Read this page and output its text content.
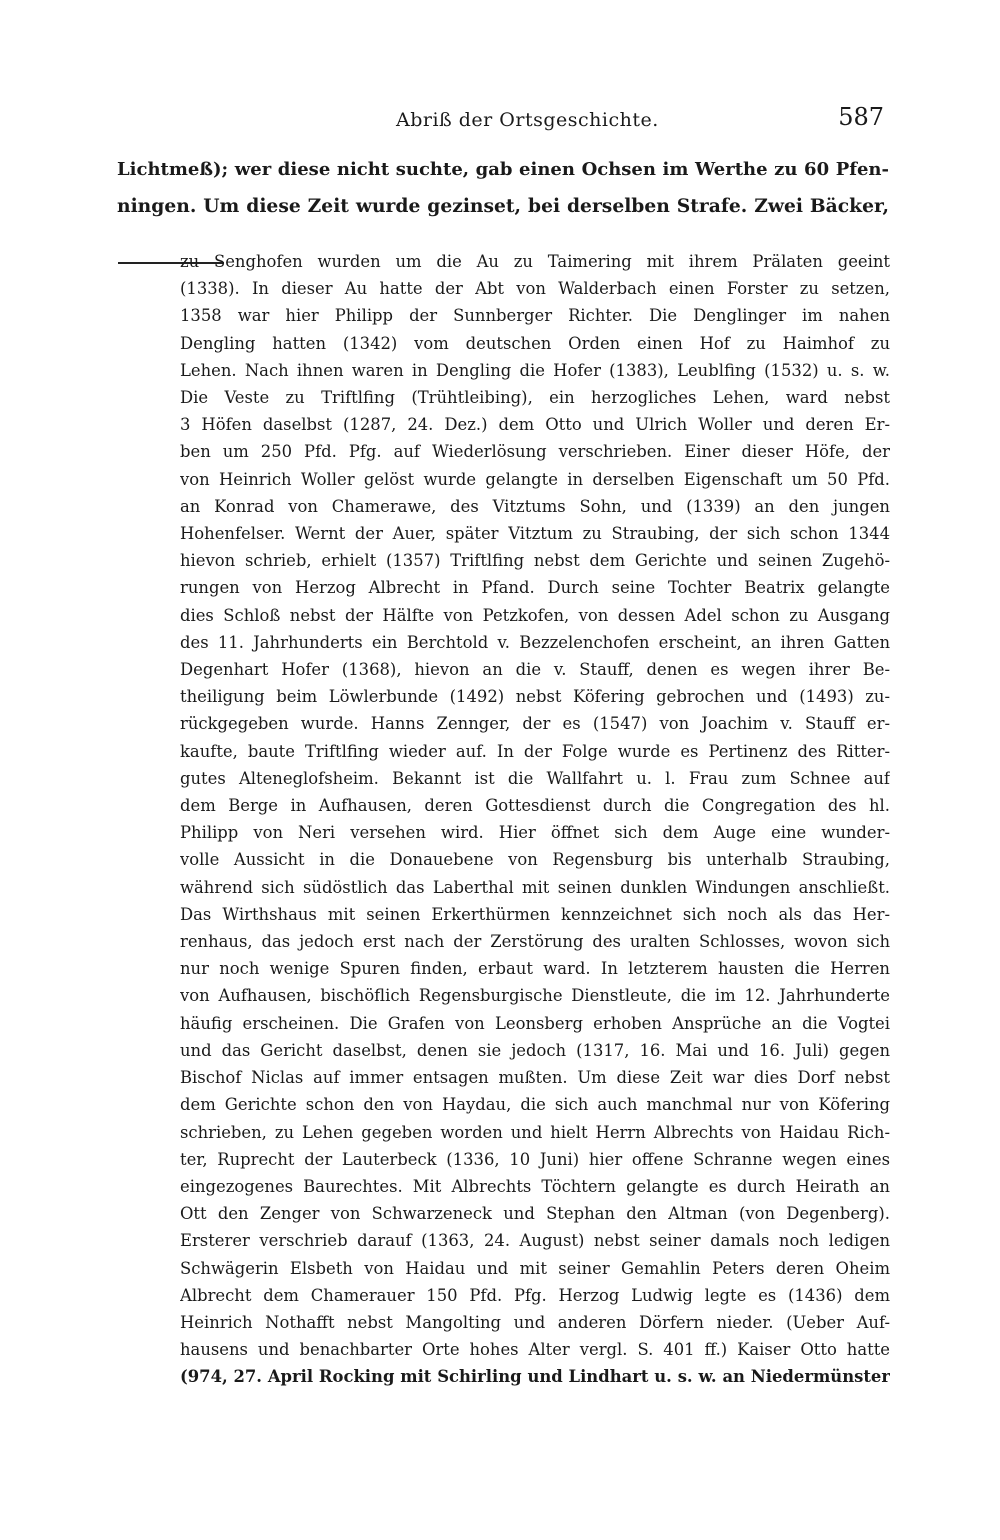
Abriß der Ortsgeschichte.	587
Lichtmeß); wer diese nicht suchte, gab einen Ochsen im Werthe zu 60 Pfen-
ningen. Um diese Zeit wurde gezinset, bei derselben Strafe. Zwei Bäcker,
zu Senghofen wurden um die Au zu Taimering mit ihrem Prälaten geeint
(1338). In dieser Au hatte der Abt von Walderbach einen Forster zu setzen,
1358 war hier Philipp der Sunnberger Richter. Die Denglinger im nahen
Dengling hatten (1342) vom deutschen Orden einen Hof zu Haimhof zu
Lehen. Nach ihnen waren in Dengling die Hofer (1383), Leublfing (1532) u. s. w.
Die Veste zu Triftlfing (Trühtleibing), ein herzogliches Lehen, ward nebst
3 Höfen daselbst (1287, 24. Dez.) dem Otto und Ulrich Woller und deren Er-
ben um 250 Pfd. Pfg. auf Wiederlösung verschrieben. Einer dieser Höfe, der
von Heinrich Woller gelöst wurde gelangte in derselben Eigenschaft um 50 Pfd.
an Konrad von Chamerawe, des Vitztums Sohn, und (1339) an den jungen
Hohenfelser. Wernt der Auer, später Vitztum zu Straubing, der sich schon 1344
hievon schrieb, erhielt (1357) Triftlfing nebst dem Gerichte und seinen Zugehö-
rungen von Herzog Albrecht in Pfand. Durch seine Tochter Beatrix gelangte
dies Schloß nebst der Hälfte von Petzkofen, von dessen Adel schon zu Ausgang
des 11. Jahrhunderts ein Berchtold v. Bezzelenchofen erscheint, an ihren Gatten
Degenhart Hofer (1368), hievon an die v. Stauff, denen es wegen ihrer Be-
theiligung beim Löwlerbunde (1492) nebst Köfering gebrochen und (1493) zu-
rückgegeben wurde. Hanns Zennger, der es (1547) von Joachim v. Stauff er-
kaufte, baute Triftlfing wieder auf. In der Folge wurde es Pertinenz des Ritter-
gutes Alteneglofsheim. Bekannt ist die Wallfahrt u. l. Frau zum Schnee auf
dem Berge in Aufhausen, deren Gottesdienst durch die Congregation des hl.
Philipp von Neri versehen wird. Hier öffnet sich dem Auge eine wunder-
volle Aussicht in die Donauebene von Regensburg bis unterhalb Straubing,
während sich südöstlich das Laberthal mit seinen dunklen Windungen anschließt.
Das Wirthshaus mit seinen Erkerthürmen kennzeichnet sich noch als das Her-
renhaus, das jedoch erst nach der Zerstörung des uralten Schlosses, wovon sich
nur noch wenige Spuren finden, erbaut ward. In letzterem hausten die Herren
von Aufhausen, bischöflich Regensburgische Dienstleute, die im 12. Jahrhunderte
häufig erscheinen. Die Grafen von Leonsberg erhoben Ansprüche an die Vogtei
und das Gericht daselbst, denen sie jedoch (1317, 16. Mai und 16. Juli) gegen
Bischof Niclas auf immer entsagen mußten. Um diese Zeit war dies Dorf nebst
dem Gerichte schon den von Haydau, die sich auch manchmal nur von Köfering
schrieben, zu Lehen gegeben worden und hielt Herrn Albrechts von Haidau Rich-
ter, Ruprecht der Lauterbeck (1336, 10 Juni) hier offene Schranne wegen eines
eingezogenes Baurechtes. Mit Albrechts Töchtern gelangte es durch Heirath an
Ott den Zenger von Schwarzeneck und Stephan den Altman (von Degenberg).
Ersterer verschrieb darauf (1363, 24. August) nebst seiner damals noch ledigen
Schwägerin Elsbeth von Haidau und mit seiner Gemahlin Peters deren Oheim
Albrecht dem Chamerauer 150 Pfd. Pfg. Herzog Ludwig legte es (1436) dem
Heinrich Nothafft nebst Mangolting und anderen Dörfern nieder. (Ueber Auf-
hausens und benachbarter Orte hohes Alter vergl. S. 401 ff.) Kaiser Otto hatte
(974, 27. April Rocking mit Schirling und Lindhart u. s. w. an Niedermünster
